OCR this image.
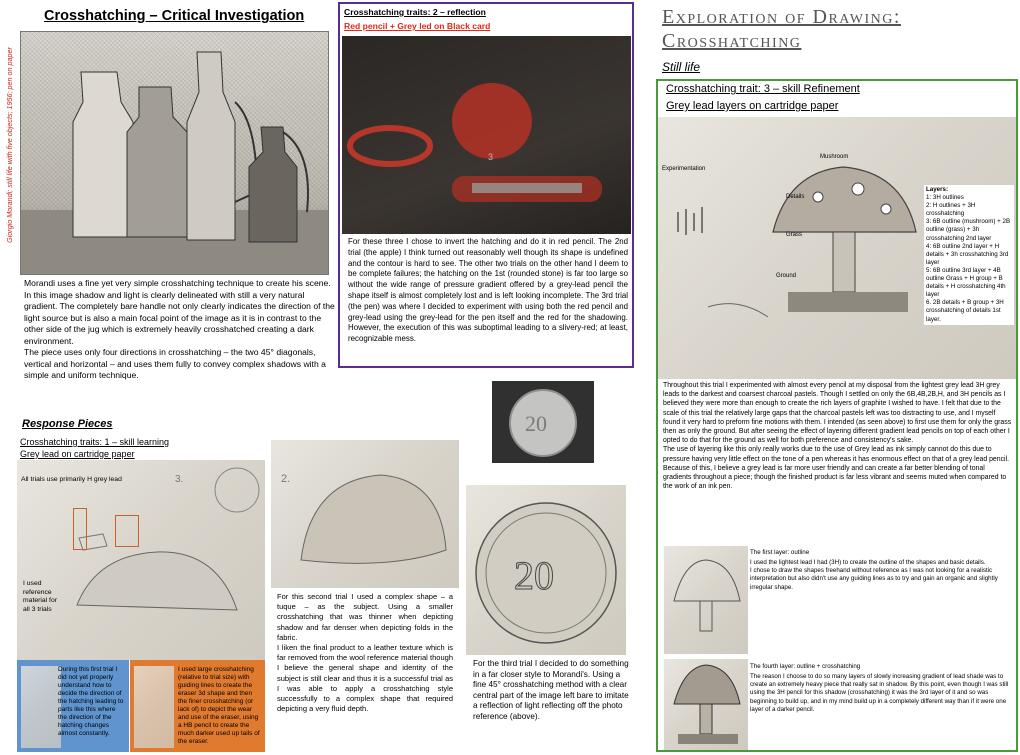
Crosshatching – Critical Investigation
Giorgio Morandi; still life with five objects; 1956; pen on paper

Morandi uses a fine yet very simple crosshatching technique to create his scene. In this image shadow and light is clearly delineated with still a very natural gradient. The completely bare handle not only clearly indicates the direction of the light source but is also a main focal point of the image as it is in contrast to the other side of the jug which is extremely heavily crosshatched creating a dark environment.

The piece uses only four directions in crosshatching – the two 45° diagonals, vertical and horizontal – and uses them fully to convey complex shadows with a simple and uniform technique.

Response Pieces
Crosshatching traits: 1 – skill learning
Grey lead on cartridge paper
3.
All trials use primarily H grey lead
I used reference material for all 3 trials
During this first trial I did not yet properly understand how to decide the direction of the hatching leading to parts like this where the direction of the hatching changes almost constantly.
I used large crosshatching (relative to trial size) with guiding lines to create the eraser 3d shape and then the finer crosshatching (or lack of) to depict the wear and use of the eraser, using a HB pencil to create the much darker used up tails of the eraser.
2.

For this second trial I used a complex shape – a tuque – as the subject. Using a smaller crosshatching that was thinner when depicting shadow and far denser when depicting folds in the fabric.

I liken the final product to a leather texture which is far removed from the wool reference material though I believe the general shape and identity of the subject is still clear and thus it is a successful trial as I was able to apply a crosshatching style successfully to a complex shape that required depicting a very fluid depth.

20
20
For the third trial I decided to do something in a far closer style to Morandi's. Using a fine 45° crosshatching method with a clear central part of the image left bare to imitate a reflection of light reflecting off the photo reference (above).
Crosshatching traits: 2 – reflection
Red pencil + Grey led on Black card
3
For these three I chose to invert the hatching and do it in red pencil. The 2nd trial (the apple) I think turned out reasonably well though its shape is undefined and the contour is hard to see. The other two trials on the other hand I deem to be complete failures; the hatching on the 1st (rounded stone) is far too large so without the wide range of pressure gradient offered by a grey-lead pencil the shape itself is almost completely lost and is left looking incomplete. The 3rd trial (the pen) was where I decided to experiment with using both the red pencil and grey-lead using the grey-lead for the pen itself and the red for the shadowing. However, the execution of this was suboptimal leading to a slivery-red; at least, recognizable mess.
Exploration of Drawing:
Crosshatching
Still life
Crosshatching trait: 3 – skill Refinement
Grey lead layers on cartridge paper
Experimentation
Mushroom
Details
Grass
Ground
Layers:
1: 3H outlines
2: H outlines + 3H crosshatching
3: 6B outline (mushroom) + 2B outline (grass) + 3h crosshatching 2nd layer
4: 6B outline 2nd layer + H details + 3h crosshatching 3rd layer
5: 6B outline 3rd layer + 4B outline Grass + H group + B details + H crosshatching 4th layer
6. 2B details + B group + 3H crosshatching of details 1st layer.

Throughout this trial I experimented with almost every pencil at my disposal from the lightest grey lead 3H grey leads to the darkest and coarsest charcoal pastels. Though I settled on only the 6B,4B,2B,H, and 3H pencils as I believed they were more than enough to create the rich layers of graphite I wished to have. I felt that due to the scale of this trial the relatively large gaps that the charcoal pastels left was too distracting to use, and I myself found it very hard to preform fine motions with them. I intended (as seen above) to first use them for only the grass then as only the ground. But after seeing the effect of layering different gradient lead pencils on top of each other I opted to do that for the ground as well for both preference and consistency's sake.

The use of layering like this only really works due to the use of Grey lead as ink simply cannot do this due to pressure having very little effect on the tone of a pen whereas it has enormous effect on that of a grey lead pencil. Because of this, I believe a grey lead is far more user friendly and can create a far better blending of tonal gradients throughout a piece; though the finished product is far less vibrant and seems muted when compared to the work of an ink pen.

The first layer: outline
I used the lightest lead I had (3H) to create the outline of the shapes and basic details.
I chose to draw the shapes freehand without reference as I was not looking for a realistic interpretation but also didn't use any guiding lines as to try and gain an organic and slightly irregular shape.
The fourth layer: outline + crosshatching
The reason I choose to do so many layers of slowly increasing gradient of lead shade was to create an extremely heavy piece that really sat in shadow. By this point, even though I was still using the 3H pencil for this shadow (crosshatching) it was the 3rd layer of it and so was beginning to build up, and in my mind build up in a completely different way than if it were one layer of a darker pencil.
